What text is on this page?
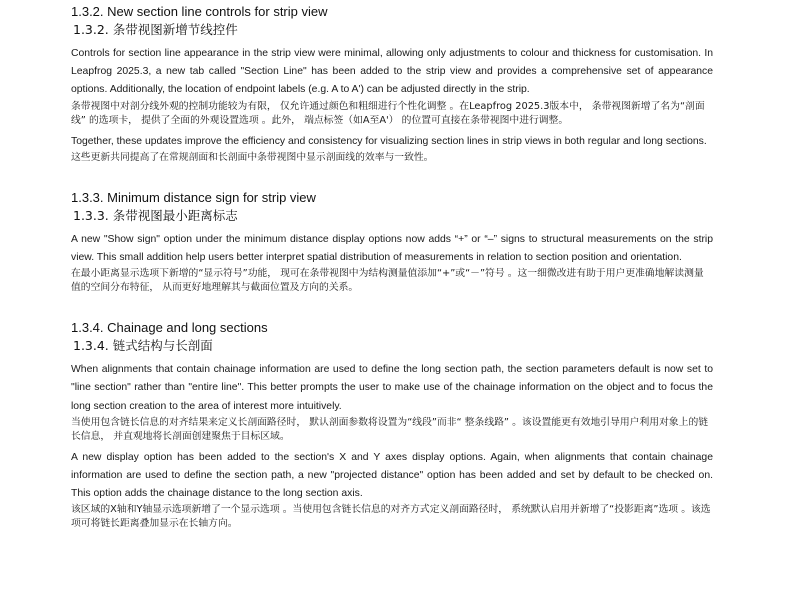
1.3.2. New section line controls for strip view
1.3.2. 条带视图新增节线控件

Controls for section line appearance in the strip view were minimal, allowing only adjustments to colour and thickness for customisation. In Leapfrog 2025.3, a new tab called "Section Line" has been added to the strip view and provides a comprehensive set of appearance options. Additionally, the location of endpoint labels (e.g. A to A') can be adjusted directly in the strip.

条带视图中对剖分线外观的控制功能较为有限， 仅允许通过颜色和粗细进行个性化调整 。在Leapfrog 2025.3版本中， 条带视图新增了名为“剖面线” 的选项卡， 提供了全面的外观设置选项 。此外， 端点标签（如A至A'） 的位置可直接在条带视图中进行调整。

Together, these updates improve the efficiency and consistency for visualizing section lines in strip views in both regular and long sections.

这些更新共同提高了在常规剖面和长剖面中条带视图中显示剖面线的效率与一致性。

1.3.3. Minimum distance sign for strip view
1.3.3. 条带视图最小距离标志

A new "Show sign" option under the minimum distance display options now adds “+” or “–” signs to structural measurements on the strip view. This small addition help users better interpret spatial distribution of measurements in relation to section position and orientation.

在最小距离显示选项下新增的“显示符号”功能， 现可在条带视图中为结构测量值添加“+”或“－”符号 。这一细微改进有助于用户更准确地解读测量值的空间分布特征， 从而更好地理解其与截面位置及方向的关系。

1.3.4. Chainage and long sections
1.3.4. 链式结构与长剖面

When alignments that contain chainage information are used to define the long section path, the section parameters default is now set to "line section" rather than "entire line". This better prompts the user to make use of the chainage information on the object and to focus the long section creation to the area of interest more intuitively.

当使用包含链长信息的对齐结果来定义长剖面路径时， 默认剖面参数将设置为“线段”而非“ 整条线路” 。该设置能更有效地引导用户利用对象上的链长信息， 并直观地将长剖面创建聚焦于目标区域。

A new display option has been added to the section's X and Y axes display options. Again, when alignments that contain chainage information are used to define the section path, a new "projected distance" option has been added and set by default to be checked on. This option adds the chainage distance to the long section axis.

该区域的X轴和Y轴显示选项新增了一个显示选项 。当使用包含链长信息的对齐方式定义剖面路径时， 系统默认启用并新增了“投影距离”选项 。该选项可将链长距离叠加显示在长轴方向。
